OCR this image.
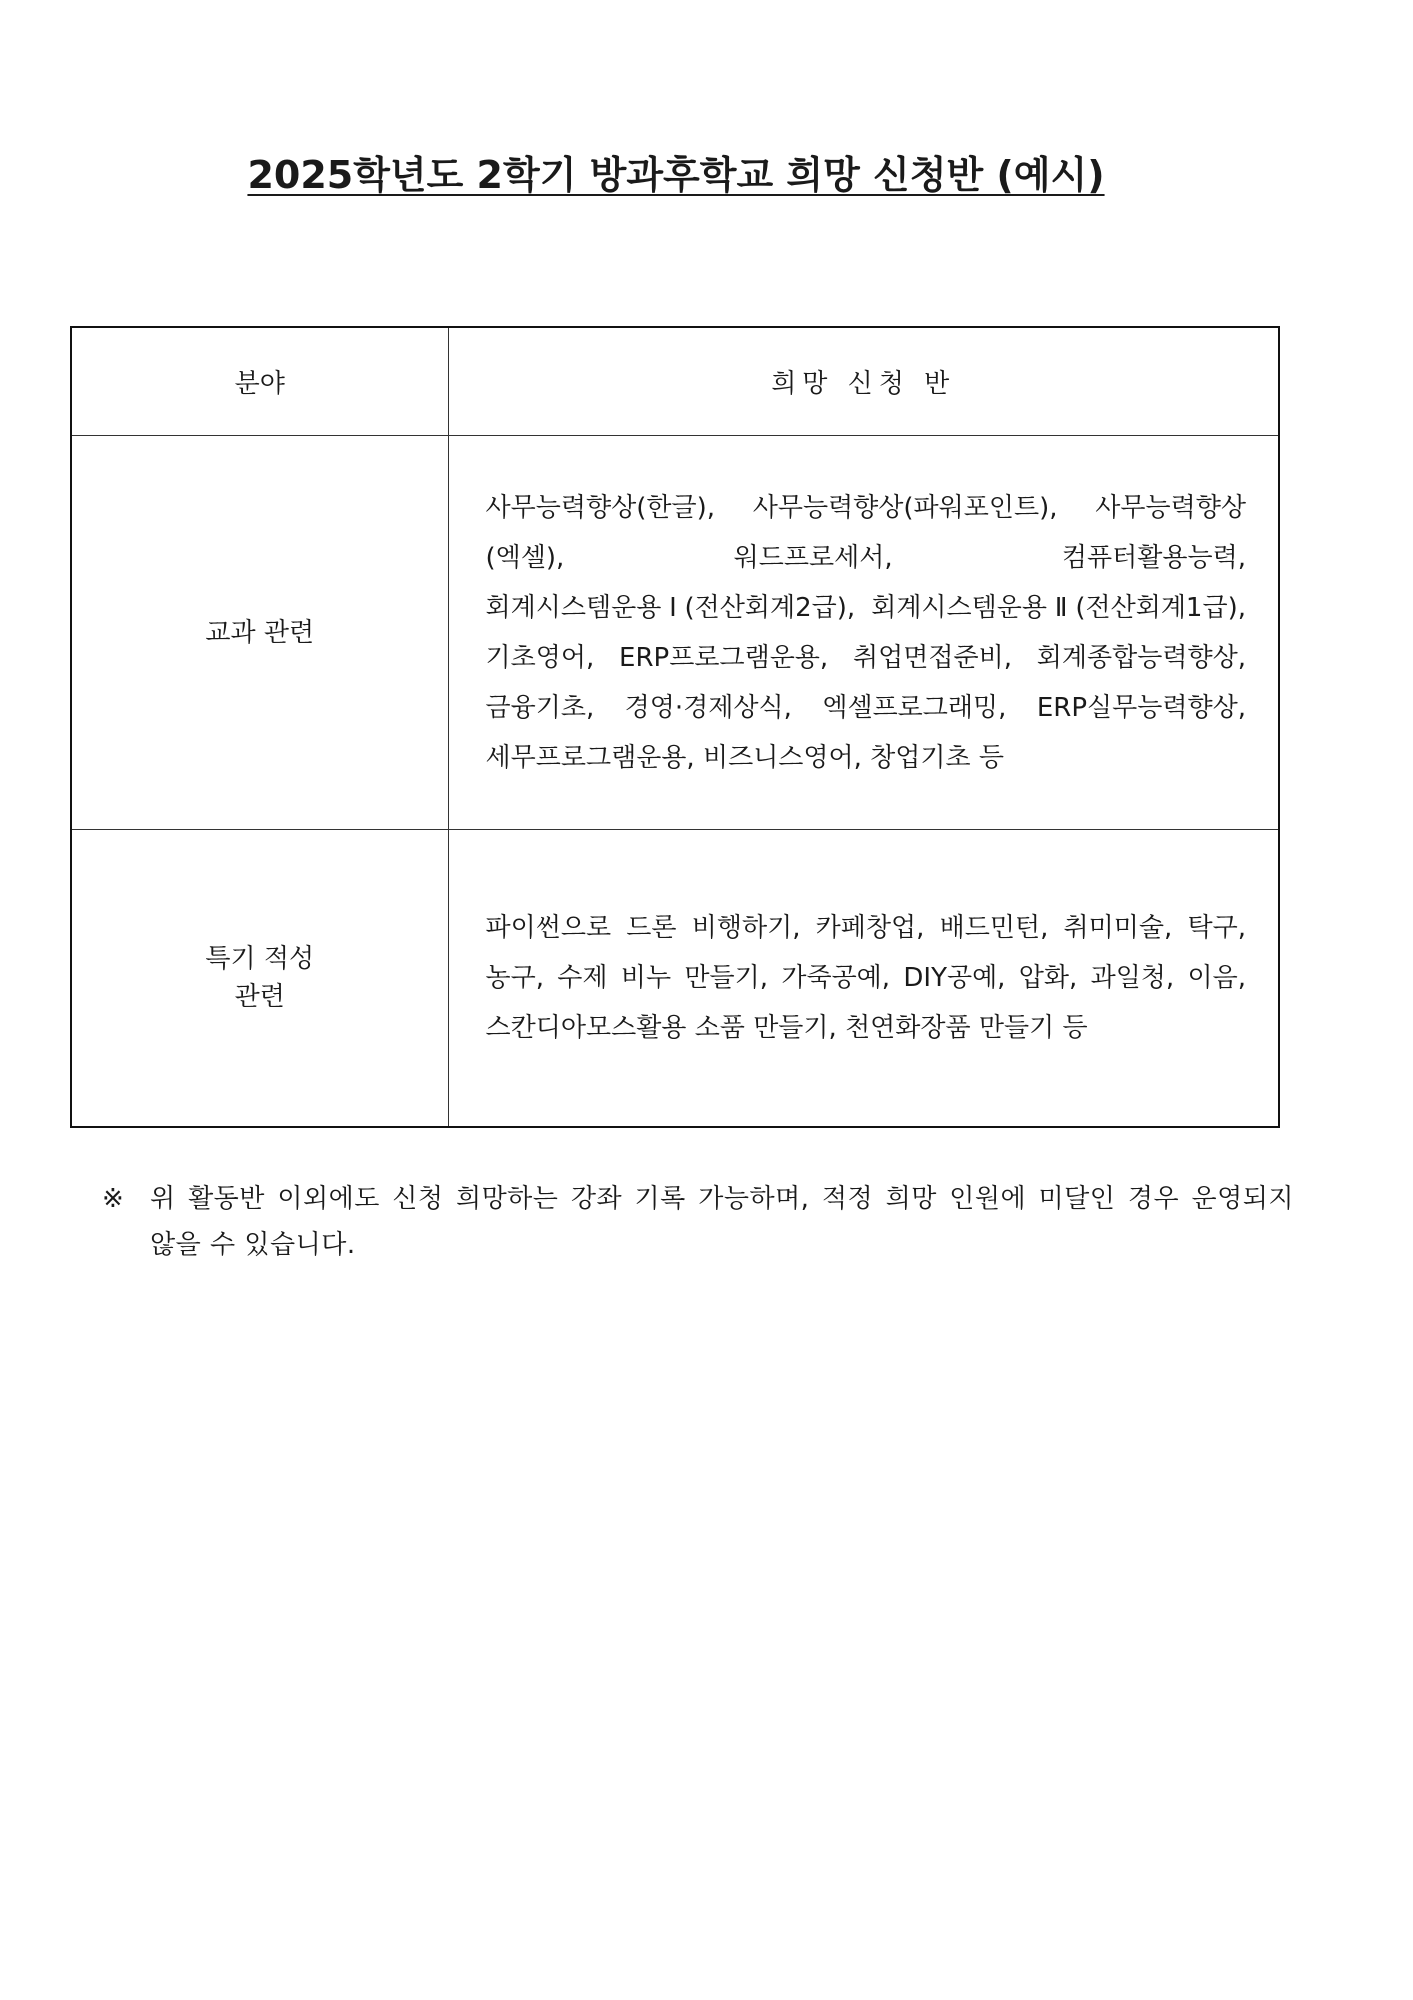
2025학년도 2학기 방과후학교 희망 신청반 (예시)
분야	희망 신청 반
교과 관련	사무능력향상(한글), 사무능력향상(파워포인트), 사무능력향상(엑셀), 워드프로세서, 컴퓨터활용능력, 회계시스템운용Ⅰ(전산회계2급), 회계시스템운용Ⅱ(전산회계1급), 기초영어, ERP프로그램운용, 취업면접준비, 회계종합능력향상, 금융기초, 경영·경제상식, 엑셀프로그래밍, ERP실무능력향상, 세무프로그램운용, 비즈니스영어, 창업기초 등

특기 적성
관련	파이썬으로 드론 비행하기, 카페창업, 배드민턴, 취미미술, 탁구, 농구, 수제 비누 만들기, 가죽공예, DIY공예, 압화, 과일청, 이음, 스칸디아모스활용 소품 만들기, 천연화장품 만들기 등
※	위 활동반 이외에도 신청 희망하는 강좌 기록 가능하며, 적정 희망 인원에 미달인 경우 운영되지 않을 수 있습니다.
